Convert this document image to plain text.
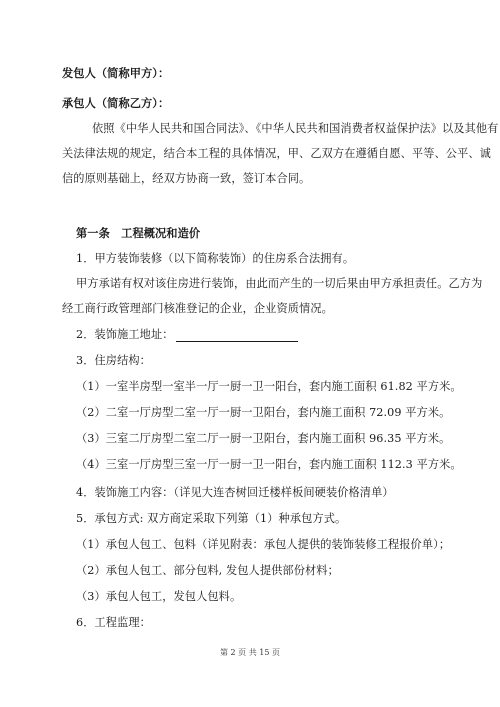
发包人（简称甲方）：
承包人（简称乙方）：
依照《中华人民共和国合同法》、《中华人民共和国消费者权益保护法》以及其他有
关法律法规的规定，结合本工程的具体情况，甲、乙双方在遵循自愿、平等、公平、诚
信的原则基础上，经双方协商一致，签订本合同。
第一条　工程概况和造价
1．甲方装饰装修（以下简称装饰）的住房系合法拥有。
甲方承诺有权对该住房进行装饰，由此而产生的一切后果由甲方承担责任。乙方为
经工商行政管理部门核准登记的企业，企业资质情况。
2．装饰施工地址：
3．住房结构：
（1）一室半房型一室半一厅一厨一卫一阳台，套内施工面积 61.82 平方米。
（2）二室一厅房型二室一厅一厨一卫阳台，套内施工面积 72.09 平方米。
（3）三室二厅房型二室二厅一厨一卫阳台，套内施工面积 96.35 平方米。
（4）三室一厅房型三室一厅一厨一卫一阳台，套内施工面积 112.3 平方米。
4．装饰施工内容：（详见大连杏树回迁楼样板间硬装价格清单）
5．承包方式: 双方商定采取下列第（1）种承包方式。
（1）承包人包工、包料（详见附表：承包人提供的装饰装修工程报价单）；
（2）承包人包工、部分包料, 发包人提供部份材料；
（3）承包人包工，发包人包料。
6．工程监理：
第 2 页 共 15 页
